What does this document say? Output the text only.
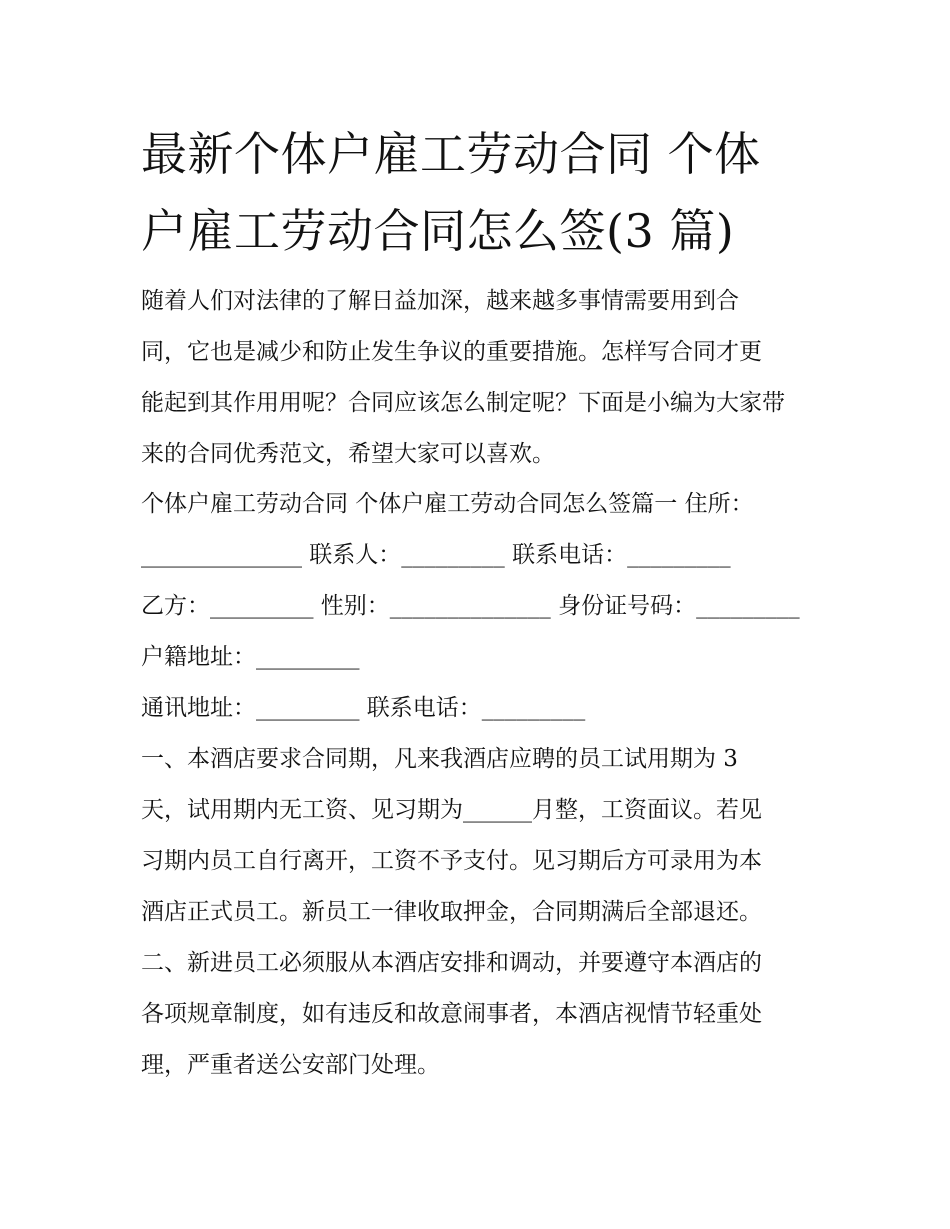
最新个体户雇工劳动合同 个体

户雇工劳动合同怎么签(3 篇)

随着人们对法律的了解日益加深，越来越多事情需要用到合
同，它也是减少和防止发生争议的重要措施。怎样写合同才更
能起到其作用用呢？合同应该怎么制定呢？下面是小编为大家带
来的合同优秀范文，希望大家可以喜欢。

个体户雇工劳动合同 个体户雇工劳动合同怎么签篇一 住所：

______________ 联系人：_________ 联系电话：_________
乙方：_________ 性别：______________ 身份证号码：_________
户籍地址：_________
通讯地址：_________ 联系电话：_________

一、本酒店要求合同期，凡来我酒店应聘的员工试用期为 3
天，试用期内无工资、见习期为______月整，工资面议。若见
习期内员工自行离开，工资不予支付。见习期后方可录用为本
酒店正式员工。新员工一律收取押金，合同期满后全部退还。

二、新进员工必须服从本酒店安排和调动，并要遵守本酒店的
各项规章制度，如有违反和故意闹事者，本酒店视情节轻重处
理，严重者送公安部门处理。
